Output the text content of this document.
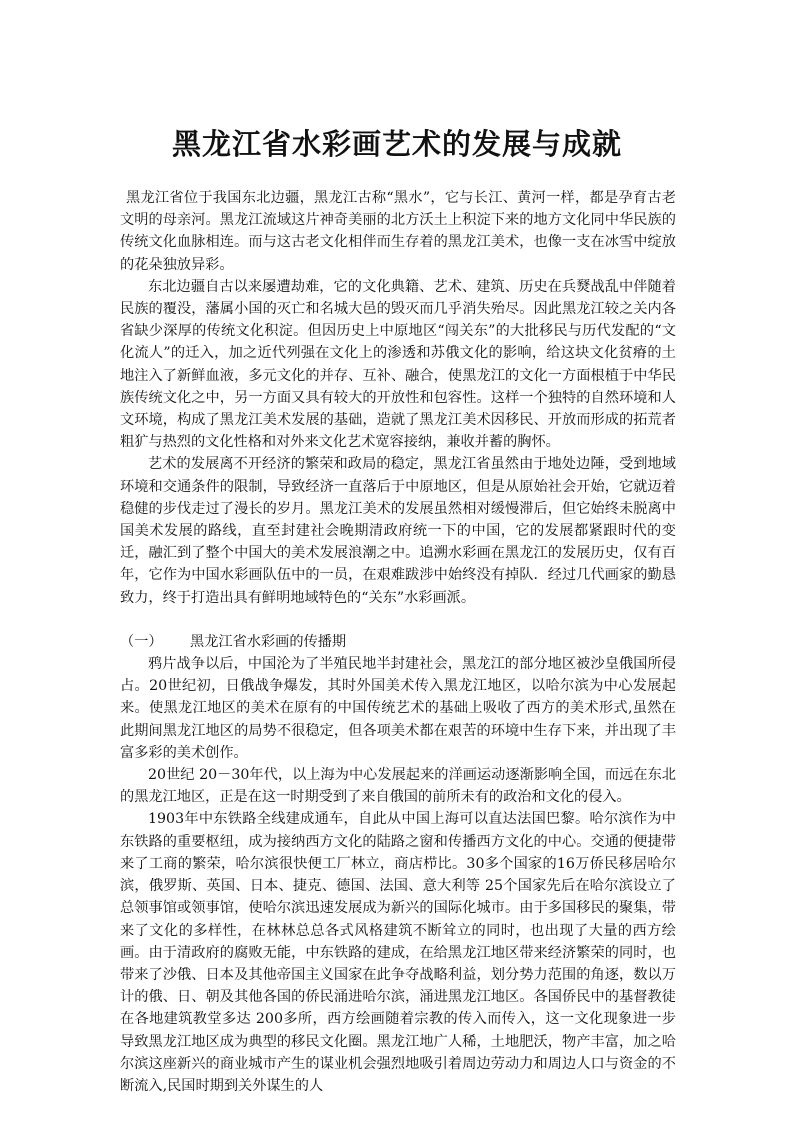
黑龙江省水彩画艺术的发展与成就

黑龙江省位于我国东北边疆，黑龙江古称“黑水”，它与长江、黄河一样，都是孕育古老文明的母亲河。黑龙江流域这片神奇美丽的北方沃土上积淀下来的地方文化同中华民族的传统文化血脉相连。而与这古老文化相伴而生存着的黑龙江美术，也像一支在冰雪中绽放的花朵独放异彩。

东北边疆自古以来屡遭劫难，它的文化典籍、艺术、建筑、历史在兵燹战乱中伴随着民族的覆没，藩属小国的灭亡和名城大邑的毁灭而几乎消失殆尽。因此黑龙江较之关内各省缺少深厚的传统文化积淀。但因历史上中原地区“闯关东”的大批移民与历代发配的“文化流人”的迁入，加之近代列强在文化上的渗透和苏俄文化的影响，给这块文化贫瘠的土地注入了新鲜血液，多元文化的并存、互补、融合，使黑龙江的文化一方面根植于中华民族传统文化之中，另一方面又具有较大的开放性和包容性。这样一个独特的自然环境和人文环境，构成了黑龙江美术发展的基础，造就了黑龙江美术因移民、开放而形成的拓荒者粗犷与热烈的文化性格和对外来文化艺术宽容接纳，兼收并蓄的胸怀。

艺术的发展离不开经济的繁荣和政局的稳定，黑龙江省虽然由于地处边陲，受到地域环境和交通条件的限制，导致经济一直落后于中原地区，但是从原始社会开始，它就迈着稳健的步伐走过了漫长的岁月。黑龙江美术的发展虽然相对缓慢滞后，但它始终未脱离中国美术发展的路线，直至封建社会晚期清政府统一下的中国，它的发展都紧跟时代的变迁，融汇到了整个中国大的美术发展浪潮之中。追溯水彩画在黑龙江的发展历史，仅有百年，它作为中国水彩画队伍中的一员，在艰难跋涉中始终没有掉队．经过几代画家的勤恳致力，终于打造出具有鲜明地域特色的“关东”水彩画派。

（一）	黑龙江省水彩画的传播期

鸦片战争以后，中国沦为了半殖民地半封建社会，黑龙江的部分地区被沙皇俄国所侵占。20世纪初，日俄战争爆发，其时外国美术传入黑龙江地区，以哈尔滨为中心发展起来。使黑龙江地区的美术在原有的中国传统艺术的基础上吸收了西方的美术形式,虽然在此期间黑龙江地区的局势不很稳定，但各项美术都在艰苦的环境中生存下来，并出现了丰富多彩的美术创作。

20世纪 20－30年代，以上海为中心发展起来的洋画运动逐渐影响全国，而远在东北的黑龙江地区，正是在这一时期受到了来自俄国的前所未有的政治和文化的侵入。

1903年中东铁路全线建成通车，自此从中国上海可以直达法国巴黎。哈尔滨作为中东铁路的重要枢纽，成为接纳西方文化的陆路之窗和传播西方文化的中心。交通的便捷带来了工商的繁荣，哈尔滨很快便工厂林立，商店栉比。30多个国家的16万侨民移居哈尔滨，俄罗斯、英国、日本、捷克、德国、法国、意大利等 25个国家先后在哈尔滨设立了总领事馆或领事馆，使哈尔滨迅速发展成为新兴的国际化城市。由于多国移民的聚集，带来了文化的多样性，在林林总总各式风格建筑不断耸立的同时，也出现了大量的西方绘画。由于清政府的腐败无能，中东铁路的建成，在给黑龙江地区带来经济繁荣的同时，也带来了沙俄、日本及其他帝国主义国家在此争夺战略利益，划分势力范围的角逐，数以万计的俄、日、朝及其他各国的侨民涌进哈尔滨，涌进黑龙江地区。各国侨民中的基督教徒在各地建筑教堂多达 200多所，西方绘画随着宗教的传入而传入，这一文化现象进一步导致黑龙江地区成为典型的移民文化圈。黑龙江地广人稀，土地肥沃，物产丰富，加之哈尔滨这座新兴的商业城市产生的谋业机会强烈地吸引着周边劳动力和周边人口与资金的不断流入,民国时期到关外谋生的人
